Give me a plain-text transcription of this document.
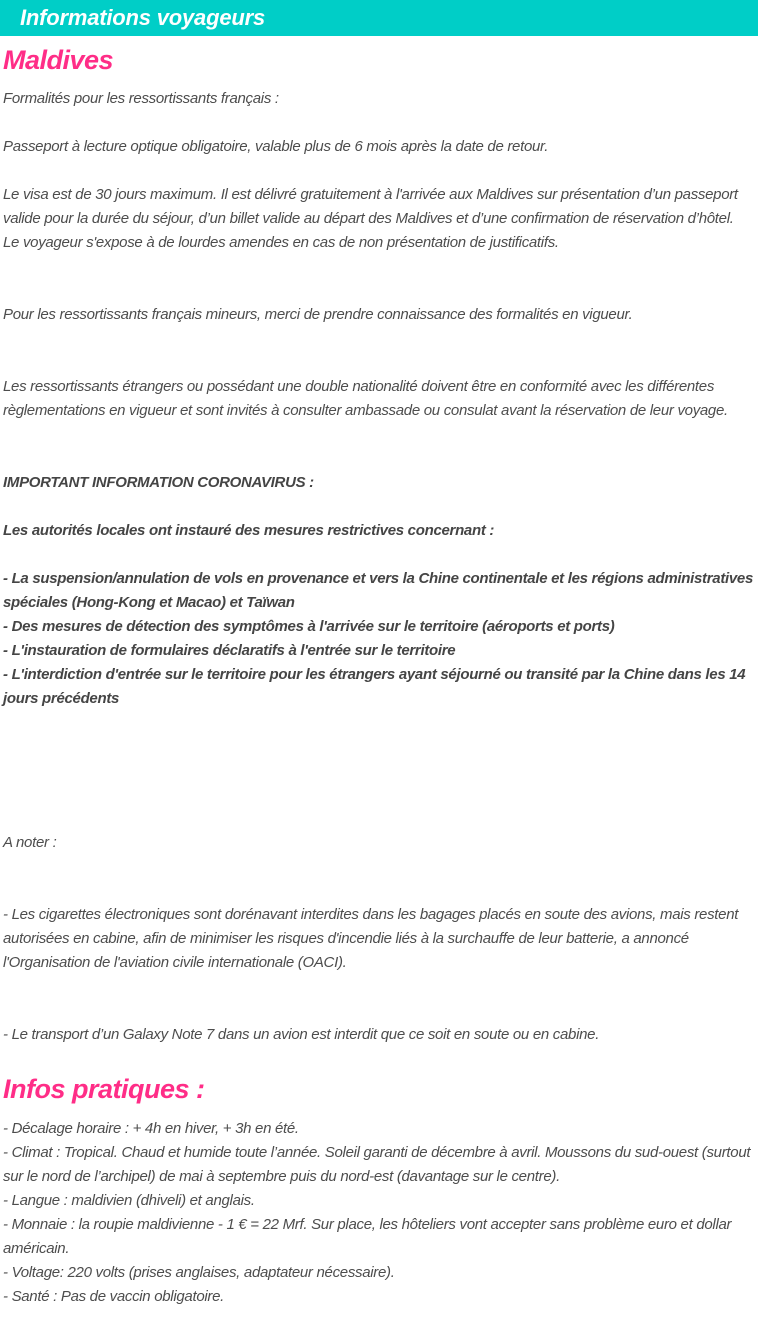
Informations voyageurs
Maldives

Formalités pour les ressortissants français :

Passeport à lecture optique obligatoire, valable plus de 6 mois après la date de retour.

Le visa est de 30 jours maximum. Il est délivré gratuitement à l'arrivée aux Maldives sur présentation d’un passeport valide pour la durée du séjour, d’un billet valide au départ des Maldives et d’une confirmation de réservation d’hôtel.

Le voyageur s'expose à de lourdes amendes en cas de non présentation de justificatifs.

Pour les ressortissants français mineurs, merci de prendre connaissance des formalités en vigueur.

Les ressortissants étrangers ou possédant une double nationalité doivent être en conformité avec les différentes règlementations en vigueur et sont invités à consulter ambassade ou consulat avant la réservation de leur voyage.

IMPORTANT INFORMATION CORONAVIRUS :

Les autorités locales ont instauré des mesures restrictives concernant :

- La suspension/annulation de vols en provenance et vers la Chine continentale et les régions administratives spéciales (Hong-Kong et Macao) et Taïwan

- Des mesures de détection des symptômes à l'arrivée sur le territoire (aéroports et ports)

- L'instauration de formulaires déclaratifs à l'entrée sur le territoire

- L'interdiction d'entrée sur le territoire pour les étrangers ayant séjourné ou transité par la Chine dans les 14 jours précédents

A noter :

- Les cigarettes électroniques sont dorénavant interdites dans les bagages placés en soute des avions, mais restent autorisées en cabine, afin de minimiser les risques d'incendie liés à la surchauffe de leur batterie, a annoncé l'Organisation de l'aviation civile internationale (OACI).

- Le transport d’un Galaxy Note 7 dans un avion est interdit que ce soit en soute ou en cabine.

Infos pratiques :

- Décalage horaire : + 4h en hiver, + 3h en été.

- Climat : Tropical. Chaud et humide toute l’année. Soleil garanti de décembre à avril. Moussons du sud-ouest (surtout sur le nord de l’archipel) de mai à septembre puis du nord-est (davantage sur le centre).

- Langue : maldivien (dhiveli) et anglais.

- Monnaie : la roupie maldivienne - 1 € = 22 Mrf. Sur place, les hôteliers vont accepter sans problème euro et dollar américain.

- Voltage: 220 volts (prises anglaises, adaptateur nécessaire).

- Santé : Pas de vaccin obligatoire.
